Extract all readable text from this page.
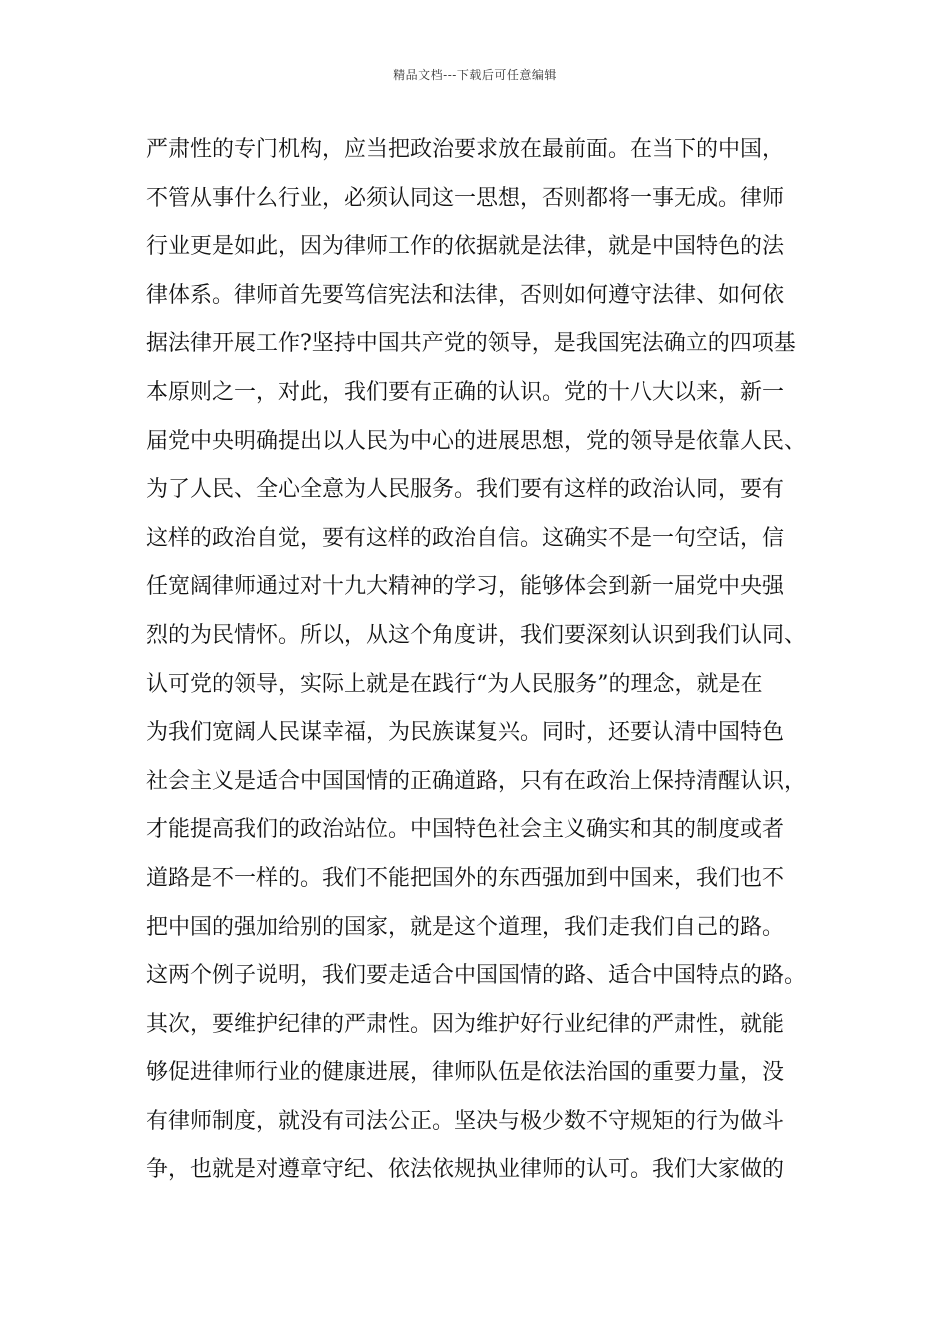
精品文档---下载后可任意编辑
严肃性的专门机构，应当把政治要求放在最前面。在当下的中国，
不管从事什么行业，必须认同这一思想，否则都将一事无成。律师
行业更是如此，因为律师工作的依据就是法律，就是中国特色的法
律体系。律师首先要笃信宪法和法律，否则如何遵守法律、如何依
据法律开展工作?坚持中国共产党的领导，是我国宪法确立的四项基
本原则之一，对此，我们要有正确的认识。党的十八大以来，新一
届党中央明确提出以人民为中心的进展思想，党的领导是依靠人民、
为了人民、全心全意为人民服务。我们要有这样的政治认同，要有
这样的政治自觉，要有这样的政治自信。这确实不是一句空话，信
任宽阔律师通过对十九大精神的学习，能够体会到新一届党中央强
烈的为民情怀。所以，从这个角度讲，我们要深刻认识到我们认同、
认可党的领导，实际上就是在践行“为人民服务”的理念，就是在
为我们宽阔人民谋幸福，为民族谋复兴。同时，还要认清中国特色
社会主义是适合中国国情的正确道路，只有在政治上保持清醒认识，
才能提高我们的政治站位。中国特色社会主义确实和其的制度或者
道路是不一样的。我们不能把国外的东西强加到中国来，我们也不
把中国的强加给别的国家，就是这个道理，我们走我们自己的路。
这两个例子说明，我们要走适合中国国情的路、适合中国特点的路。
其次，要维护纪律的严肃性。因为维护好行业纪律的严肃性，就能
够促进律师行业的健康进展，律师队伍是依法治国的重要力量，没
有律师制度，就没有司法公正。坚决与极少数不守规矩的行为做斗
争，也就是对遵章守纪、依法依规执业律师的认可。我们大家做的
